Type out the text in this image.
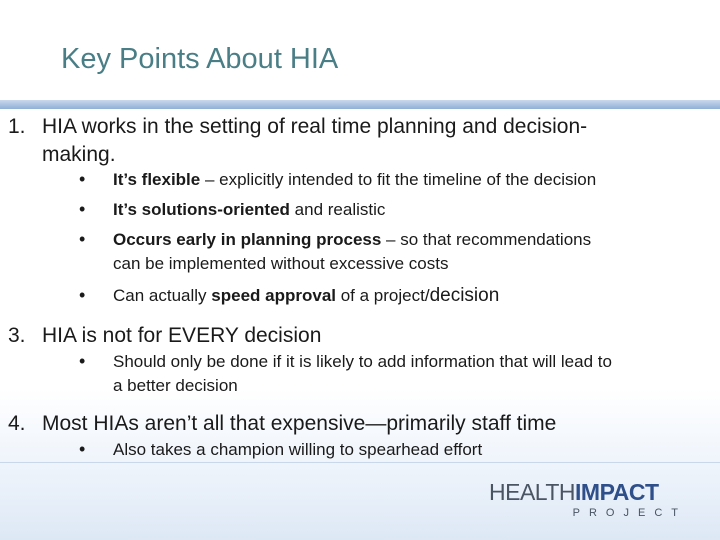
Key Points About HIA
1. HIA works in the setting of real time planning and decision-
making.
• It’s flexible – explicitly intended to fit the timeline of the decision
• It’s solutions-oriented and realistic
• Occurs early in planning process – so that recommendations
can be implemented without excessive costs
• Can actually speed approval of a project/decision
3. HIA is not for EVERY decision
• Should only be done if it is likely to add information that will lead to
a better decision
4. Most HIAs aren’t all that expensive—primarily staff time
• Also takes a champion willing to spearhead effort
HEALTHIMPACT
PROJECT
